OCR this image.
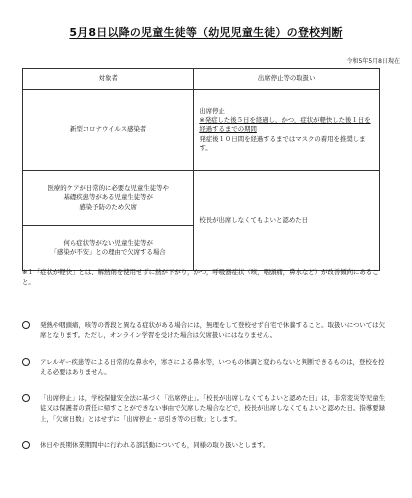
5月8日以降の児童生徒等（幼児児童生徒）の登校判断
令和5年5月8日現在
対象者	出席停止等の取扱い
新型コロナウイルス感染者	出席停止
※発症した後５日を経過し，かつ，症状が軽快した後１日を
経過するまでの期間
発症後１０日間を経過するまではマスクの着用を推奨します。

医療的ケアが日常的に必要な児童生徒等や
基礎疾患等がある児童生徒等が
感染予防のため欠席	校長が出席しなくてもよいと認めた日

何ら症状等がない児童生徒等が
「感染が不安」との理由で欠席する場合	
※１「症状が軽快」とは、解熱剤を使用せずに熱が下がり，かつ，呼吸器症状（咳，咽頭痛，鼻水など）が改善傾向にあること。

発熱や咽頭痛，咳等の普段と異なる症状がある場合には，無理をして登校せず自宅で休養すること。取扱いについては欠席となります。ただし，オンライン学習を受けた場合は欠席扱いにはなりません。

アレルギー疾患等による日常的な鼻水や，寒さによる鼻水等，いつもの体調と変わらないと判断できるものは，登校を控える必要はありません。

「出席停止」は，学校保健安全法に基づく「出席停止」。「校長が出席しなくてもよいと認めた日」は，非常変災等児童生徒又は保護者の責任に帰すことができない事由で欠席した場合などで，校長が出席しなくてもよいと認めた日。指導要録上，「欠席日数」とはせずに「出席停止・忌引き等の日数」とします。

休日や長期休業期間中に行われる部活動についても，同様の取り扱いとします。
